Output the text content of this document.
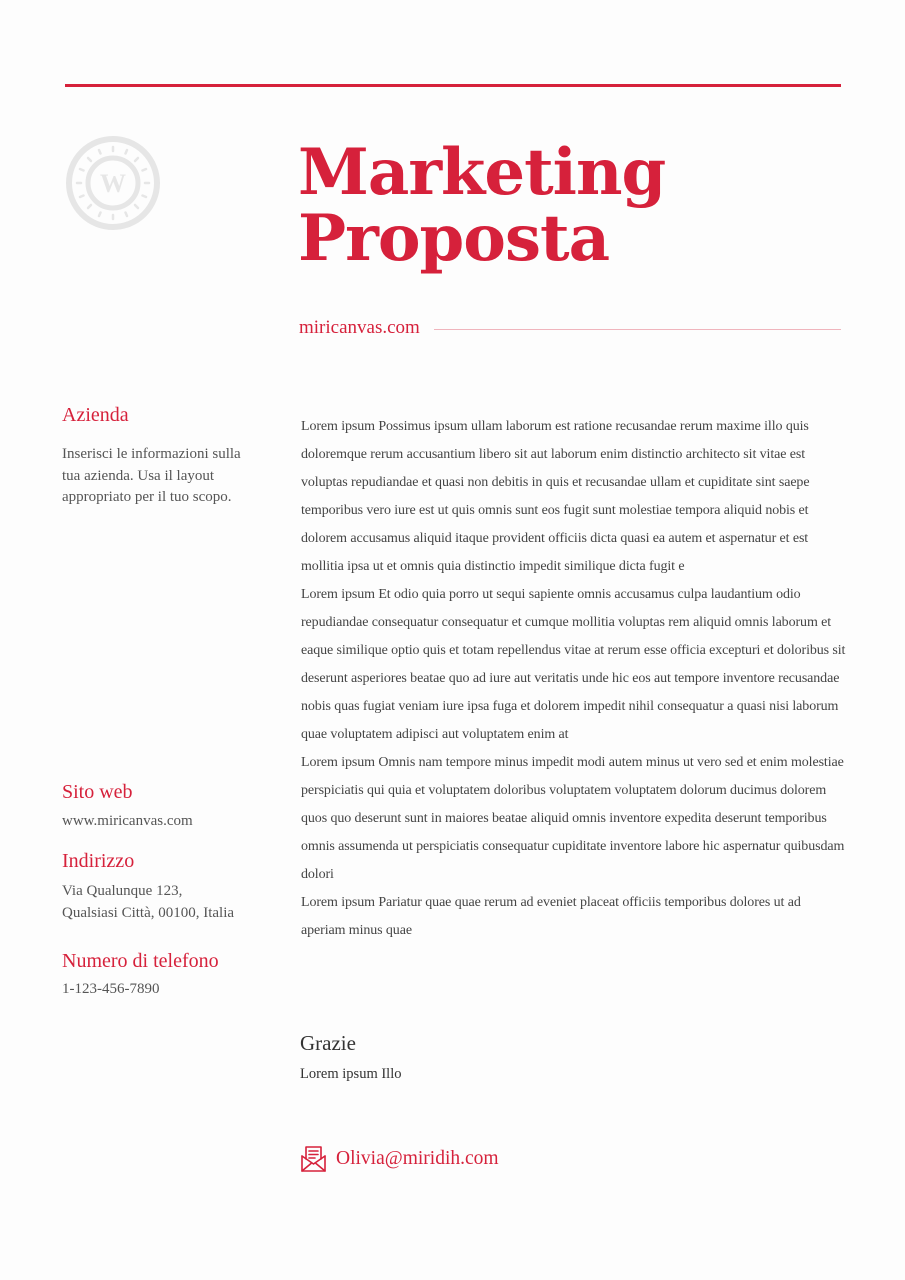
W	Marketing
Proposta
miricanvas.com
Azienda

Inserisci le informazioni sulla tua azienda. Usa il layout appropriato per il tuo scopo.

Sito web

www.miricanvas.com

Indirizzo

Via Qualunque 123,
Qualsiasi Città, 00100, Italia

Numero di telefono

1-123-456-7890

Lorem ipsum Possimus ipsum ullam laborum est ratione recusandae rerum maxime illo quis doloremque rerum accusantium libero sit aut laborum enim distinctio architecto sit vitae est voluptas repudiandae et quasi non debitis in quis et recusandae ullam et cupiditate sint saepe temporibus vero iure est ut quis omnis sunt eos fugit sunt molestiae tempora aliquid nobis et dolorem accusamus aliquid itaque provident officiis dicta quasi ea autem et aspernatur et est mollitia ipsa ut et omnis quia distinctio impedit similique dicta fugit e

Lorem ipsum Et odio quia porro ut sequi sapiente omnis accusamus culpa laudantium odio repudiandae consequatur consequatur et cumque mollitia voluptas rem aliquid omnis laborum et eaque similique optio quis et totam repellendus vitae at rerum esse officia excepturi et doloribus sit deserunt asperiores beatae quo ad iure aut veritatis unde hic eos aut tempore inventore recusandae nobis quas fugiat veniam iure ipsa fuga et dolorem impedit nihil consequatur a quasi nisi laborum quae voluptatem adipisci aut voluptatem enim at

Lorem ipsum Omnis nam tempore minus impedit modi autem minus ut vero sed et enim molestiae perspiciatis qui quia et voluptatem doloribus voluptatem voluptatem dolorum ducimus dolorem quos quo deserunt sunt in maiores beatae aliquid omnis inventore expedita deserunt temporibus omnis assumenda ut perspiciatis consequatur cupiditate inventore labore hic aspernatur quibusdam dolori

Lorem ipsum Pariatur quae quae rerum ad eveniet placeat officiis temporibus dolores ut ad aperiam minus quae

Grazie

Lorem ipsum Illo

Olivia@miridih.com
